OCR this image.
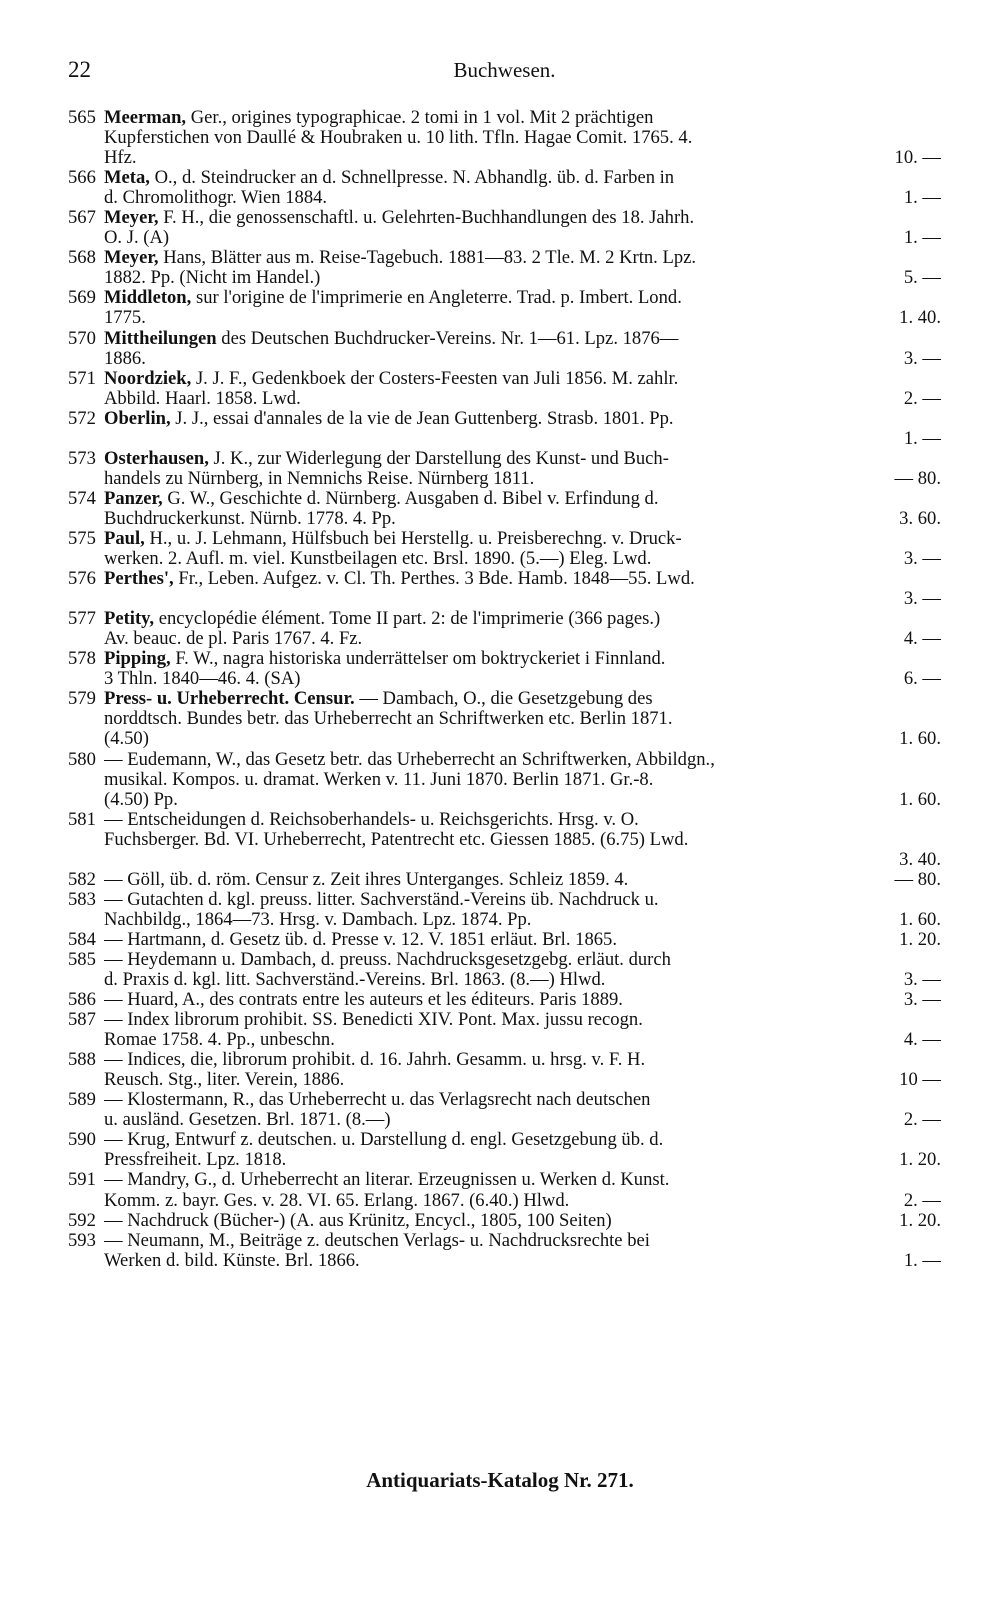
22	Buchwesen.
565 Meerman, Ger., origines typographicae. 2 tomi in 1 vol. Mit 2 prächtigen
Kupferstichen von Daullé & Houbraken u. 10 lith. Tfln. Hagae Comit. 1765. 4.
Hfz.	10. —
566 Meta, O., d. Steindrucker an d. Schnellpresse. N. Abhandlg. üb. d. Farben in
d. Chromolithogr. Wien 1884.	1. —
567 Meyer, F. H., die genossenschaftl. u. Gelehrten-Buchhandlungen des 18. Jahrh.
O. J. (A)	1. —
568 Meyer, Hans, Blätter aus m. Reise-Tagebuch. 1881—83. 2 Tle. M. 2 Krtn. Lpz.
1882. Pp. (Nicht im Handel.)	5. —
569 Middleton, sur l'origine de l'imprimerie en Angleterre. Trad. p. Imbert. Lond.
1775.	1. 40.
570 Mittheilungen des Deutschen Buchdrucker-Vereins. Nr. 1—61. Lpz. 1876—
1886.	3. —
571 Noordziek, J. J. F., Gedenkboek der Costers-Feesten van Juli 1856. M. zahlr.
Abbild. Haarl. 1858. Lwd.	2. —
572 Oberlin, J. J., essai d'annales de la vie de Jean Guttenberg. Strasb. 1801. Pp.
1. —
573 Osterhausen, J. K., zur Widerlegung der Darstellung des Kunst- und Buch-
handels zu Nürnberg, in Nemnichs Reise. Nürnberg 1811.	— 80.
574 Panzer, G. W., Geschichte d. Nürnberg. Ausgaben d. Bibel v. Erfindung d.
Buchdruckerkunst. Nürnb. 1778. 4. Pp.	3. 60.
575 Paul, H., u. J. Lehmann, Hülfsbuch bei Herstellg. u. Preisberechng. v. Druck-
werken. 2. Aufl. m. viel. Kunstbeilagen etc. Brsl. 1890. (5.—) Eleg. Lwd.	3. —
576 Perthes', Fr., Leben. Aufgez. v. Cl. Th. Perthes. 3 Bde. Hamb. 1848—55. Lwd.
3. —
577 Petity, encyclopédie élément. Tome II part. 2: de l'imprimerie (366 pages.)
Av. beauc. de pl. Paris 1767. 4. Fz.	4. —
578 Pipping, F. W., nagra historiska underrättelser om boktryckeriet i Finnland.
3 Thln. 1840—46. 4. (SA)	6. —
579 Press- u. Urheberrecht. Censur. — Dambach, O., die Gesetzgebung des
norddtsch. Bundes betr. das Urheberrecht an Schriftwerken etc. Berlin 1871.
(4.50)	1. 60.
580 — Eudemann, W., das Gesetz betr. das Urheberrecht an Schriftwerken, Abbildgn.,
musikal. Kompos. u. dramat. Werken v. 11. Juni 1870. Berlin 1871. Gr.-8.
(4.50) Pp.	1. 60.
581 — Entscheidungen d. Reichsoberhandels- u. Reichsgerichts. Hrsg. v. O.
Fuchsberger. Bd. VI. Urheberrecht, Patentrecht etc. Giessen 1885. (6.75) Lwd.
3. 40.
582 — Göll, üb. d. röm. Censur z. Zeit ihres Unterganges. Schleiz 1859. 4.	— 80.
583 — Gutachten d. kgl. preuss. litter. Sachverständ.-Vereins üb. Nachdruck u.
Nachbildg., 1864—73. Hrsg. v. Dambach. Lpz. 1874. Pp.	1. 60.
584 — Hartmann, d. Gesetz üb. d. Presse v. 12. V. 1851 erläut. Brl. 1865.	1. 20.
585 — Heydemann u. Dambach, d. preuss. Nachdrucksgesetzgebg. erläut. durch
d. Praxis d. kgl. litt. Sachverständ.-Vereins. Brl. 1863. (8.—) Hlwd.	3. —
586 — Huard, A., des contrats entre les auteurs et les éditeurs. Paris 1889.	3. —
587 — Index librorum prohibit. SS. Benedicti XIV. Pont. Max. jussu recogn.
Romae 1758. 4. Pp., unbeschn.	4. —
588 — Indices, die, librorum prohibit. d. 16. Jahrh. Gesamm. u. hrsg. v. F. H.
Reusch. Stg., liter. Verein, 1886.	10 —
589 — Klostermann, R., das Urheberrecht u. das Verlagsrecht nach deutschen
u. ausländ. Gesetzen. Brl. 1871. (8.—)	2. —
590 — Krug, Entwurf z. deutschen. u. Darstellung d. engl. Gesetzgebung üb. d.
Pressfreiheit. Lpz. 1818.	1. 20.
591 — Mandry, G., d. Urheberrecht an literar. Erzeugnissen u. Werken d. Kunst.
Komm. z. bayr. Ges. v. 28. VI. 65. Erlang. 1867. (6.40.) Hlwd.	2. —
592 — Nachdruck (Bücher-) (A. aus Krünitz, Encycl., 1805, 100 Seiten)	1. 20.
593 — Neumann, M., Beiträge z. deutschen Verlags- u. Nachdrucksrechte bei
Werken d. bild. Künste. Brl. 1866.	1. —
Antiquariats-Katalog Nr. 271.
